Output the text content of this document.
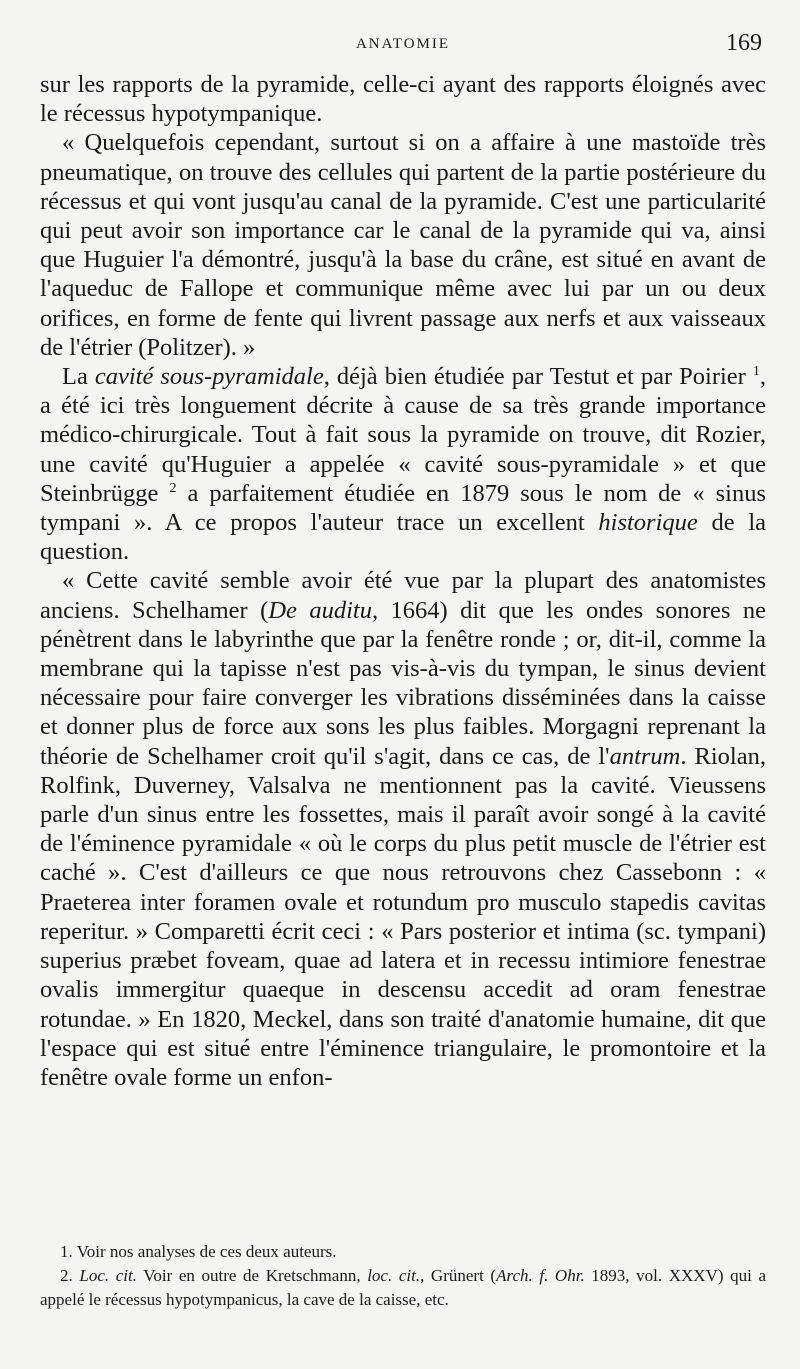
ANATOMIE	169

sur les rapports de la pyramide, celle-ci ayant des rapports éloignés avec le récessus hypotympanique.

« Quelquefois cependant, surtout si on a affaire à une mastoïde très pneumatique, on trouve des cellules qui partent de la partie postérieure du récessus et qui vont jusqu'au canal de la pyramide. C'est une particularité qui peut avoir son importance car le canal de la pyramide qui va, ainsi que Huguier l'a démontré, jusqu'à la base du crâne, est situé en avant de l'aqueduc de Fallope et communique même avec lui par un ou deux orifices, en forme de fente qui livrent passage aux nerfs et aux vaisseaux de l'étrier (Politzer). »

La cavité sous-pyramidale, déjà bien étudiée par Testut et par Poirier $^1$, a été ici très longuement décrite à cause de sa très grande importance médico-chirurgicale. Tout à fait sous la pyramide on trouve, dit Rozier, une cavité qu'Huguier a appelée « cavité sous-pyramidale » et que Steinbrügge $^2$ a parfaitement étudiée en 1879 sous le nom de « sinus tympani ». A ce propos l'auteur trace un excellent historique de la question.

« Cette cavité semble avoir été vue par la plupart des anatomistes anciens. Schelhamer (De auditu, 1664) dit que les ondes sonores ne pénètrent dans le labyrinthe que par la fenêtre ronde ; or, dit-il, comme la membrane qui la tapisse n'est pas vis-à-vis du tympan, le sinus devient nécessaire pour faire converger les vibrations disséminées dans la caisse et donner plus de force aux sons les plus faibles. Morgagni reprenant la théorie de Schelhamer croit qu'il s'agit, dans ce cas, de l'antrum. Riolan, Rolfink, Duverney, Valsalva ne mentionnent pas la cavité. Vieussens parle d'un sinus entre les fossettes, mais il paraît avoir songé à la cavité de l'éminence pyramidale « où le corps du plus petit muscle de l'étrier est caché ». C'est d'ailleurs ce que nous retrouvons chez Cassebonn : « Praeterea inter foramen ovale et rotundum pro musculo stapedis cavitas reperitur. » Comparetti écrit ceci : « Pars posterior et intima (sc. tympani) superius præbet foveam, quae ad latera et in recessu intimiore fenestrae ovalis immergitur quaeque in descensu accedit ad oram fenestrae rotundae. » En 1820, Meckel, dans son traité d'anatomie humaine, dit que l'espace qui est situé entre l'éminence triangulaire, le promontoire et la fenêtre ovale forme un enfon-

1. Voir nos analyses de ces deux auteurs.

2. Loc. cit. Voir en outre de Kretschmann, loc. cit., Grünert (Arch. f. Ohr. 1893, vol. XXXV) qui a appelé le récessus hypotympanicus, la cave de la caisse, etc.
